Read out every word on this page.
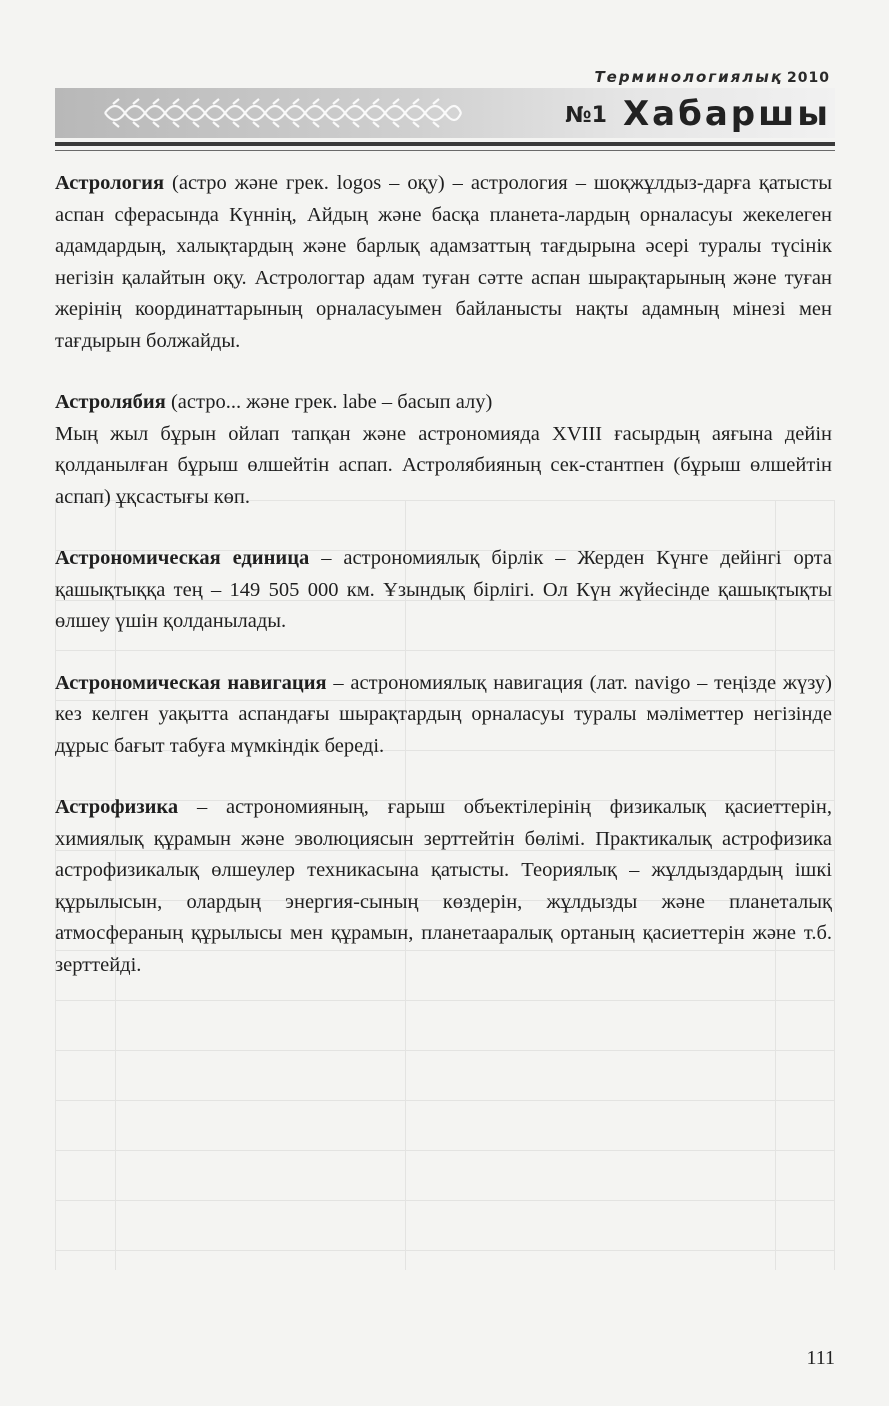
Терминологиялық 2010
№1 Хабаршы

Астрология (астро және грек. logos – оқу) – астрология – шоқжұлдыз-дарға қатысты аспан сферасында Күннің, Айдың және басқа планета-лардың орналасуы жекелеген адамдардың, халықтардың және барлық адамзаттың тағдырына әсері туралы түсінік негізін қалайтын оқу. Астрологтар адам туған сәтте аспан шырақтарының және туған жерінің координаттарының орналасуымен байланысты нақты адамның мінезі мен тағдырын болжайды.

Астролябия (астро... және грек. labe – басып алу)
Мың жыл бұрын ойлап тапқан және астрономияда XVIII ғасырдың аяғына дейін қолданылған бұрыш өлшейтін аспап. Астролябияның сек-стантпен (бұрыш өлшейтін аспап) ұқсастығы көп.

Астрономическая единица – астрономиялық бірлік – Жерден Күнге дейінгі орта қашықтыққа тең – 149 505 000 км. Ұзындық бірлігі. Ол Күн жүйесінде қашықтықты өлшеу үшін қолданылады.

Астрономическая навигация – астрономиялық навигация (лат. navigo – теңізде жүзу) кез келген уақытта аспандағы шырақтардың орналасуы туралы мәліметтер негізінде дұрыс бағыт табуға мүмкіндік береді.

Астрофизика – астрономияның, ғарыш объектілерінің физикалық қасиеттерін, химиялық құрамын және эволюциясын зерттейтін бөлімі. Практикалық астрофизика астрофизикалық өлшеулер техникасына қатысты. Теориялық – жұлдыздардың ішкі құрылысын, олардың энергия-сының көздерін, жұлдызды және планеталық атмосфераның құрылысы мен құрамын, планетааралық ортаның қасиеттерін және т.б. зерттейді.

111
